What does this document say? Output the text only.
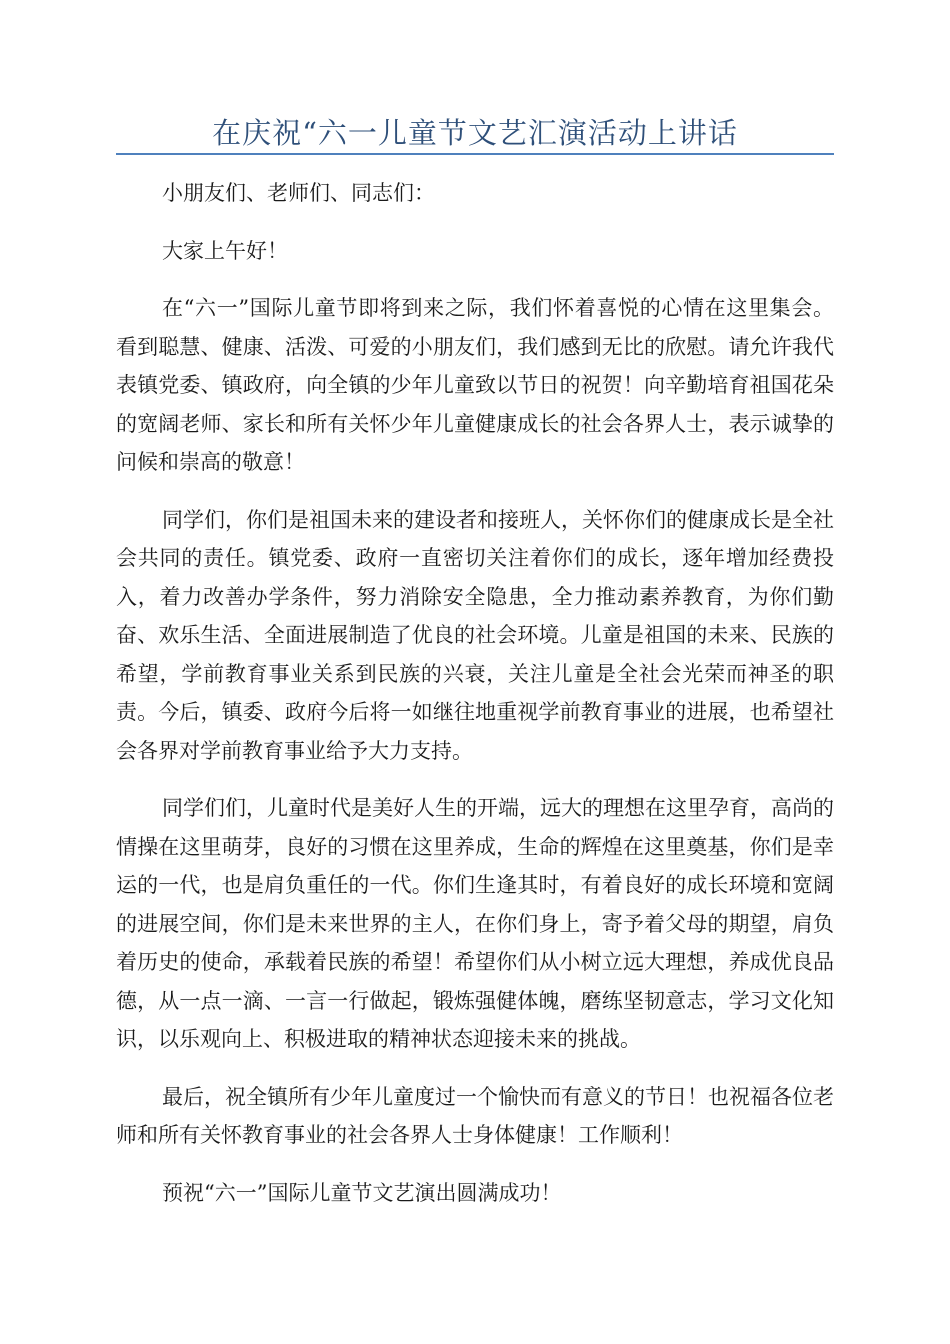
在庆祝“六一儿童节文艺汇演活动上讲话

小朋友们、老师们、同志们：

大家上午好！

在“六一”国际儿童节即将到来之际，我们怀着喜悦的心情在这里集会。看到聪慧、健康、活泼、可爱的小朋友们，我们感到无比的欣慰。请允许我代表镇党委、镇政府，向全镇的少年儿童致以节日的祝贺！向辛勤培育祖国花朵的宽阔老师、家长和所有关怀少年儿童健康成长的社会各界人士，表示诚挚的问候和崇高的敬意！

同学们，你们是祖国未来的建设者和接班人，关怀你们的健康成长是全社会共同的责任。镇党委、政府一直密切关注着你们的成长，逐年增加经费投入，着力改善办学条件，努力消除安全隐患，全力推动素养教育，为你们勤奋、欢乐生活、全面进展制造了优良的社会环境。儿童是祖国的未来、民族的希望，学前教育事业关系到民族的兴衰，关注儿童是全社会光荣而神圣的职责。今后，镇委、政府今后将一如继往地重视学前教育事业的进展，也希望社会各界对学前教育事业给予大力支持。

同学们们，儿童时代是美好人生的开端，远大的理想在这里孕育，高尚的情操在这里萌芽，良好的习惯在这里养成，生命的辉煌在这里奠基，你们是幸运的一代，也是肩负重任的一代。你们生逢其时，有着良好的成长环境和宽阔的进展空间，你们是未来世界的主人，在你们身上，寄予着父母的期望，肩负着历史的使命，承载着民族的希望！希望你们从小树立远大理想，养成优良品德，从一点一滴、一言一行做起，锻炼强健体魄，磨练坚韧意志，学习文化知识，以乐观向上、积极进取的精神状态迎接未来的挑战。

最后，祝全镇所有少年儿童度过一个愉快而有意义的节日！也祝福各位老师和所有关怀教育事业的社会各界人士身体健康！工作顺利！

预祝“六一”国际儿童节文艺演出圆满成功！
